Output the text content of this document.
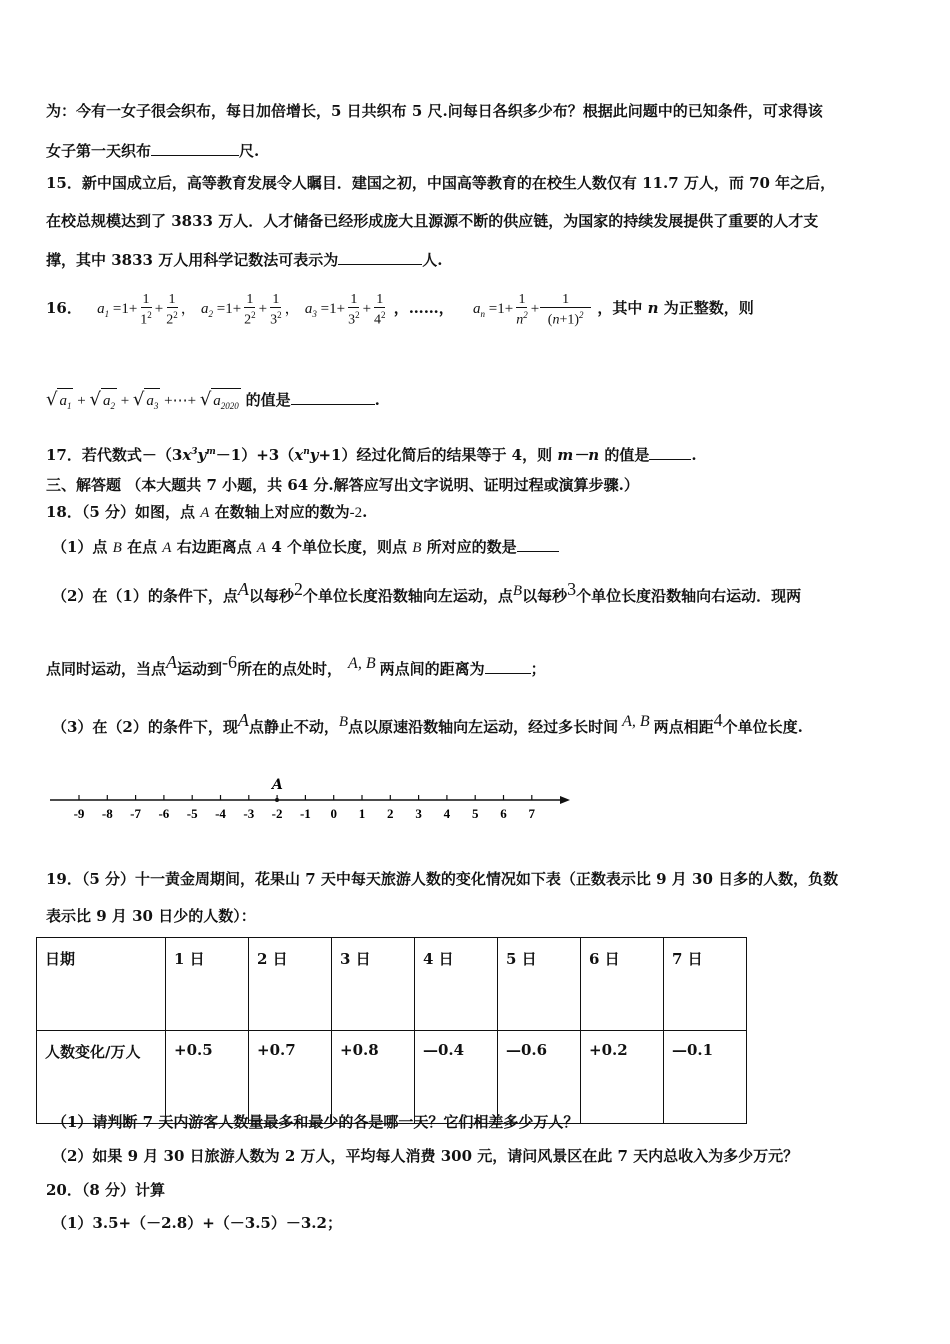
为：今有一女子很会织布，每日加倍增长，5 日共织布 5 尺.问每日各织多少布？根据此问题中的已知条件，可求得该
女子第一天织布	尺.
15．新中国成立后，高等教育发展令人瞩目．建国之初，中国高等教育的在校生人数仅有 11.7 万人，而 70 年之后，
在校总规模达到了 3833 万人．人才储备已经形成庞大且源源不断的供应链，为国家的持续发展提供了重要的人才支
撑，其中 3833 万人用科学记数法可表示为	人.
16． $a_1 =1+ \frac{1}{1^2} + \frac{1}{2^2}$ ， $a_2 =1+ \frac{1}{2^2} + \frac{1}{3^2}$ ， $a_3 =1+ \frac{1}{3^2} + \frac{1}{4^2}$ ，……， $a_n =1+ \frac{1}{n^2} + \frac{1}{(n+1)^2}$ ，其中 n 为正整数，则
√ $a_1$ + √ $a_2$ + √ $a_3$ +⋯+ √ $a_{2020}$ 的值是	.
17．若代数式$-(3x^3y^m-1)+3(x^ny+1)$经过化简后的结果等于 4，则 m－n 的值是	.
三、解答题 （本大题共 7 小题，共 64 分.解答应写出文字说明、证明过程或演算步骤.）
18．（5 分）如图，点 A 在数轴上对应的数为-2.
（1）点 B 在点 A 右边距离点 A 4 个单位长度，则点 B 所对应的数是
（2）在（1）的条件下，点A以每秒2个单位长度沿数轴向左运动，点B以每秒3个单位长度沿数轴向右运动．现两
点同时运动，当点A运动到-6所在的点处时， A, B 两点间的距离为	；
（3）在（2）的条件下，现A点静止不动，B点以原速沿数轴向左运动，经过多长时间 A, B 两点相距4个单位长度.
-9 -8 -7 -6 -5 -4 -3 -2 -1 0 1 2 3 4 5 6 7
A
19．（5 分）十一黄金周期间，花果山 7 天中每天旅游人数的变化情况如下表（正数表示比 9 月 30 日多的人数，负数
表示比 9 月 30 日少的人数）：
日期	1 日	2 日	3 日	4 日	5 日	6 日	7 日
人数变化/万人	+0.5	+0.7	+0.8	—0.4	—0.6	+0.2	—0.1
（1）请判断 7 天内游客人数量最多和最少的各是哪一天？它们相差多少万人？
（2）如果 9 月 30 日旅游人数为 2 万人，平均每人消费 300 元，请问风景区在此 7 天内总收入为多少万元？
20．（8 分）计算
（1）3.5+（－2.8）+（－3.5）－3.2；
